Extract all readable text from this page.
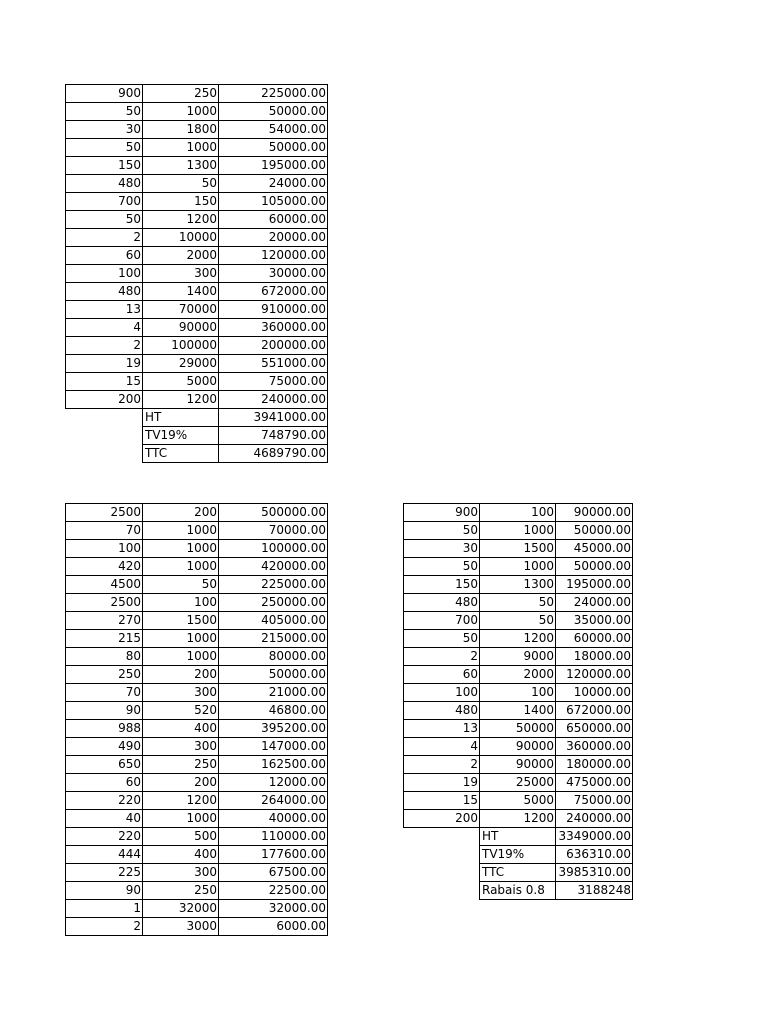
900	250	225000.00
50	1000	50000.00
30	1800	54000.00
50	1000	50000.00
150	1300	195000.00
480	50	24000.00
700	150	105000.00
50	1200	60000.00
2	10000	20000.00
60	2000	120000.00
100	300	30000.00
480	1400	672000.00
13	70000	910000.00
4	90000	360000.00
2	100000	200000.00
19	29000	551000.00
15	5000	75000.00
200	1200	240000.00
	HT	3941000.00
	TV19%	748790.00
	TTC	4689790.00
2500	200	500000.00
70	1000	70000.00
100	1000	100000.00
420	1000	420000.00
4500	50	225000.00
2500	100	250000.00
270	1500	405000.00
215	1000	215000.00
80	1000	80000.00
250	200	50000.00
70	300	21000.00
90	520	46800.00
988	400	395200.00
490	300	147000.00
650	250	162500.00
60	200	12000.00
220	1200	264000.00
40	1000	40000.00
220	500	110000.00
444	400	177600.00
225	300	67500.00
90	250	22500.00
1	32000	32000.00
2	3000	6000.00
900	100	90000.00
50	1000	50000.00
30	1500	45000.00
50	1000	50000.00
150	1300	195000.00
480	50	24000.00
700	50	35000.00
50	1200	60000.00
2	9000	18000.00
60	2000	120000.00
100	100	10000.00
480	1400	672000.00
13	50000	650000.00
4	90000	360000.00
2	90000	180000.00
19	25000	475000.00
15	5000	75000.00
200	1200	240000.00
	HT	3349000.00
	TV19%	636310.00
	TTC	3985310.00
	Rabais 0.8	3188248
